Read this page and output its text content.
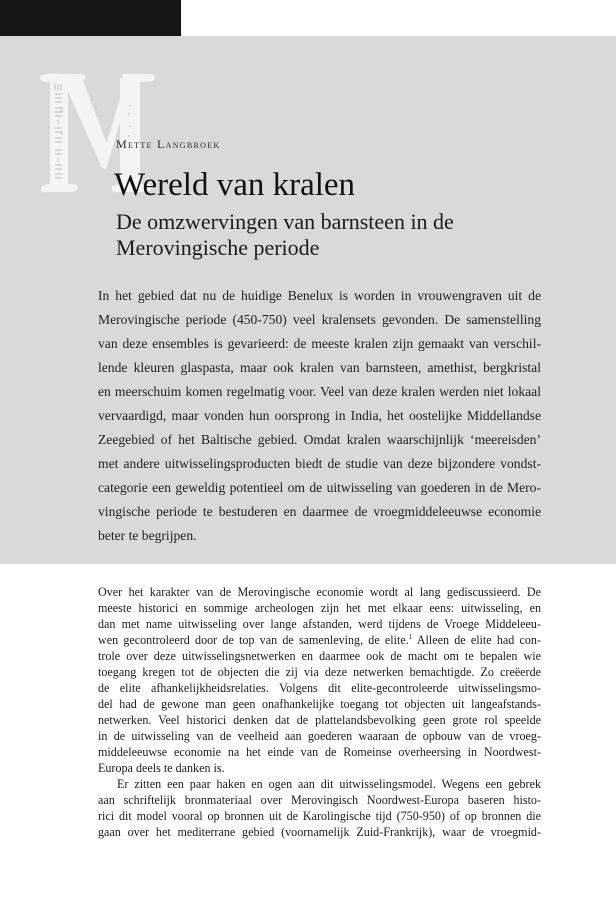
Mette Langbroek
Wereld van kralen
De omzwervingen van barnsteen in de Merovingische periode
In het gebied dat nu de huidige Benelux is worden in vrouwengraven uit de
Merovingische periode (450-750) veel kralensets gevonden. De samenstelling
van deze ensembles is gevarieerd: de meeste kralen zijn gemaakt van verschil-
lende kleuren glaspasta, maar ook kralen van barnsteen, amethist, bergkristal
en meerschuim komen regelmatig voor. Veel van deze kralen werden niet lokaal
vervaardigd, maar vonden hun oorsprong in India, het oostelijke Middellandse
Zeegebied of het Baltische gebied. Omdat kralen waarschijnlijk ‘meereisden’
met andere uitwisselingsproducten biedt de studie van deze bijzondere vondst-
categorie een geweldig potentieel om de uitwisseling van goederen in de Mero-
vingische periode te bestuderen en daarmee de vroegmiddeleeuwse economie
beter te begrijpen.
Over het karakter van de Merovingische economie wordt al lang gediscussieerd. De
meeste historici en sommige archeologen zijn het met elkaar eens: uitwisseling, en
dan met name uitwisseling over lange afstanden, werd tijdens de Vroege Middeleeu-
wen gecontroleerd door de top van de samenleving, de elite.$^1$ Alleen de elite had con-
trole over deze uitwisselingsnetwerken en daarmee ook de macht om te bepalen wie
toegang kregen tot de objecten die zij via deze netwerken bemachtigde. Zo creëerde
de elite afhankelijkheidsrelaties. Volgens dit elite-gecontroleerde uitwisselingsmo-
del had de gewone man geen onafhankelijke toegang tot objecten uit langeafstands-
netwerken. Veel historici denken dat de plattelandsbevolking geen grote rol speelde
in de uitwisseling van de veelheid aan goederen waaraan de opbouw van de vroeg-
middeleeuwse economie na het einde van de Romeinse overheersing in Noordwest-
Europa deels te danken is.
Er zitten een paar haken en ogen aan dit uitwisselingsmodel. Wegens een gebrek
aan schriftelijk bronmateriaal over Merovingisch Noordwest-Europa baseren histo-
rici dit model vooral op bronnen uit de Karolingische tijd (750-950) of op bronnen die
gaan over het mediterrane gebied (voornamelijk Zuid-Frankrijk), waar de vroegmid-
